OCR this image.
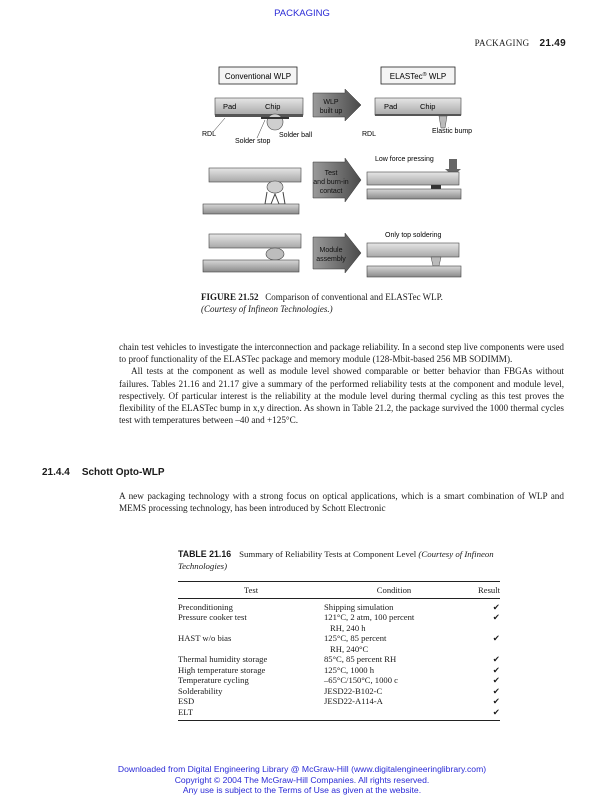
PACKAGING
PACKAGING 21.49
Conventional WLP	ELASTec® WLP
Pad	Chip
RDL
Solder stop
Solder ball
WLP
built up
Pad	Chip
RDL	Elastic bump
Test
and burn-in
contact
Low force pressing
Module
assembly
Only top soldering
FIGURE 21.52 Comparison of conventional and ELASTec WLP.
(Courtesy of Infineon Technologies.)

chain test vehicles to investigate the interconnection and package reliability. In a second step live components were used to proof functionality of the ELASTec package and memory module (128-Mbit-based 256 MB SODIMM).

All tests at the component as well as module level showed comparable or better behavior than FBGAs without failures. Tables 21.16 and 21.17 give a summary of the performed reliability tests at the component and module level, respectively. Of particular interest is the reliability at the module level during thermal cycling as this test proves the flexibility of the ELASTec bump in x,y direction. As shown in Table 21.2, the package survived the 1000 thermal cycles test with temperatures between –40 and +125°C.

21.4.4 Schott Opto-WLP

A new packaging technology with a strong focus on optical applications, which is a smart combination of WLP and MEMS processing technology, has been introduced by Schott Electronic

TABLE 21.16 Summary of Reliability Tests at Component Level (Courtesy of Infineon Technologies)
Test	Condition	Result
Preconditioning	Shipping simulation	✔
Pressure cooker test	121°C, 2 atm, 100 percent
RH, 240 h	✔
HAST w/o bias	125°C, 85 percent
RH, 240°C	✔
Thermal humidity storage	85°C, 85 percent RH	✔
High temperature storage	125°C, 1000 h	✔
Temperature cycling	–65°C/150°C, 1000 c	✔
Solderability	JESD22-B102-C	✔
ESD	JESD22-A114-A	✔
ELT		✔
Downloaded from Digital Engineering Library @ McGraw-Hill (www.digitalengineeringlibrary.com)
Copyright © 2004 The McGraw-Hill Companies. All rights reserved.
Any use is subject to the Terms of Use as given at the website.
